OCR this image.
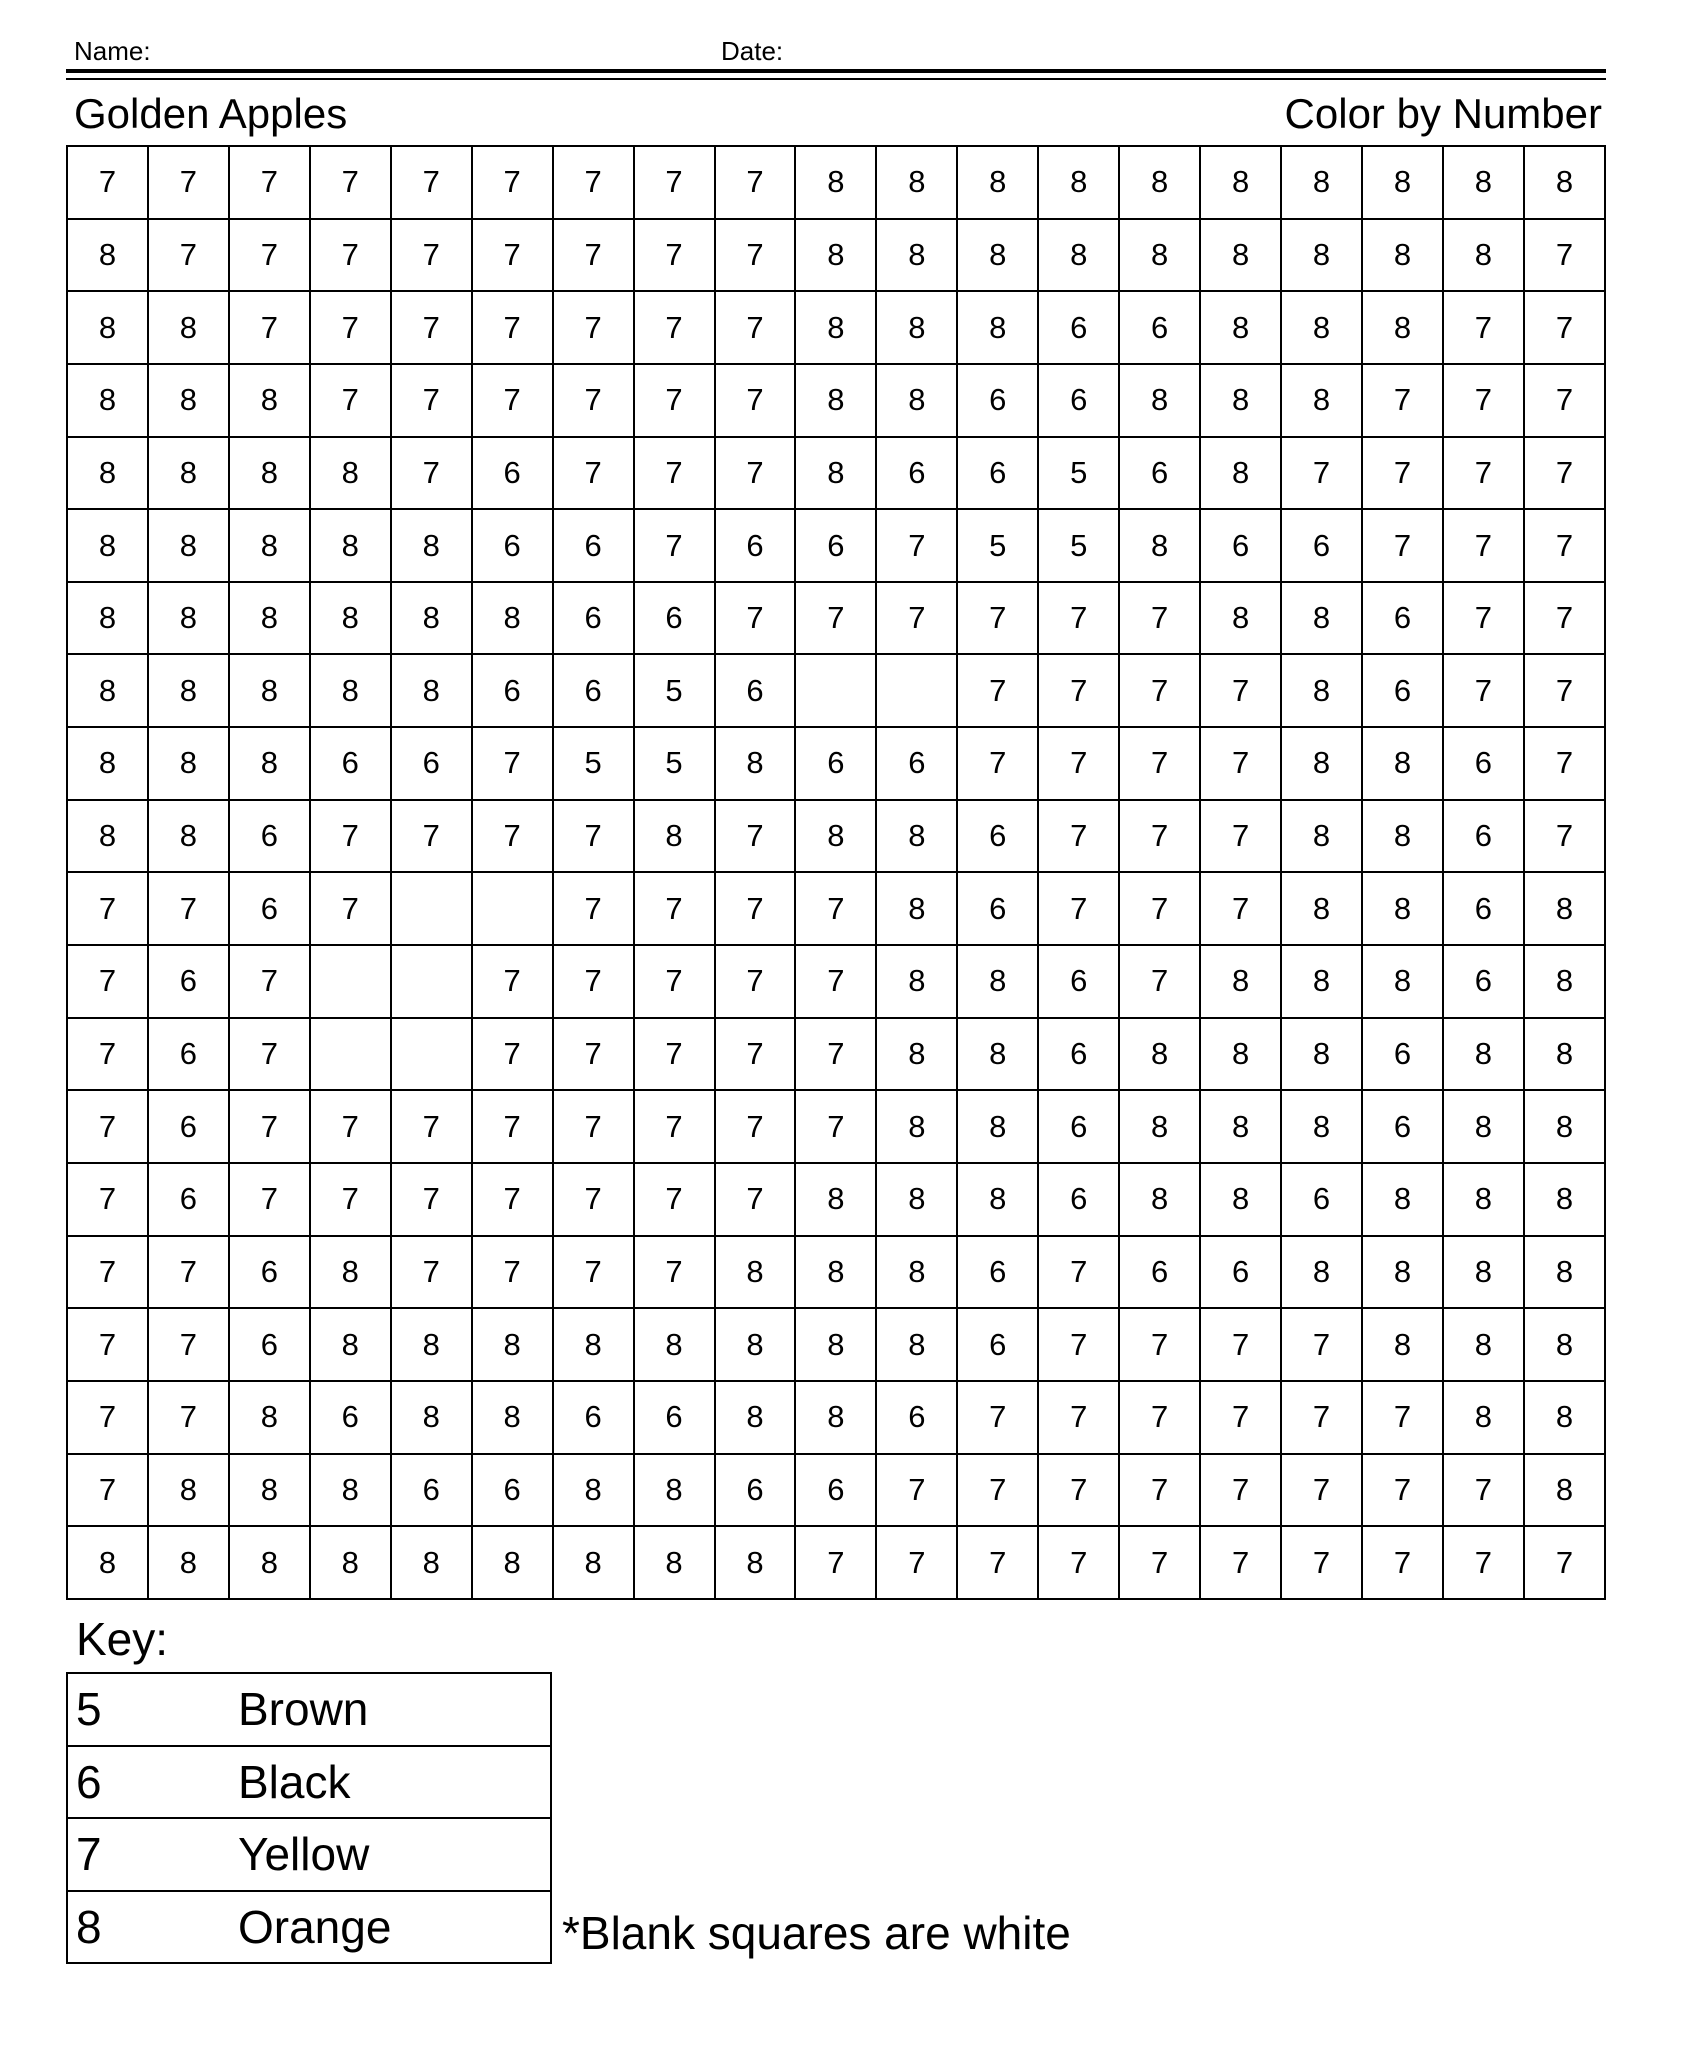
Name:	Date:
Golden Apples	Color by Number
7	7	7	7	7	7	7	7	7	8	8	8	8	8	8	8	8	8	8
8	7	7	7	7	7	7	7	7	8	8	8	8	8	8	8	8	8	7
8	8	7	7	7	7	7	7	7	8	8	8	6	6	8	8	8	7	7
8	8	8	7	7	7	7	7	7	8	8	6	6	8	8	8	7	7	7
8	8	8	8	7	6	7	7	7	8	6	6	5	6	8	7	7	7	7
8	8	8	8	8	6	6	7	6	6	7	5	5	8	6	6	7	7	7
8	8	8	8	8	8	6	6	7	7	7	7	7	7	8	8	6	7	7
8	8	8	8	8	6	6	5	6			7	7	7	7	8	6	7	7
8	8	8	6	6	7	5	5	8	6	6	7	7	7	7	8	8	6	7
8	8	6	7	7	7	7	8	7	8	8	6	7	7	7	8	8	6	7
7	7	6	7			7	7	7	7	8	6	7	7	7	8	8	6	8
7	6	7			7	7	7	7	7	8	8	6	7	8	8	8	6	8
7	6	7			7	7	7	7	7	8	8	6	8	8	8	6	8	8
7	6	7	7	7	7	7	7	7	7	8	8	6	8	8	8	6	8	8
7	6	7	7	7	7	7	7	7	8	8	8	6	8	8	6	8	8	8
7	7	6	8	7	7	7	7	8	8	8	6	7	6	6	8	8	8	8
7	7	6	8	8	8	8	8	8	8	8	6	7	7	7	7	8	8	8
7	7	8	6	8	8	6	6	8	8	6	7	7	7	7	7	7	8	8
7	8	8	8	6	6	8	8	6	6	7	7	7	7	7	7	7	7	8
8	8	8	8	8	8	8	8	8	7	7	7	7	7	7	7	7	7	7
Key:
5	Brown
6	Black
7	Yellow
8	Orange	*Blank squares are white
